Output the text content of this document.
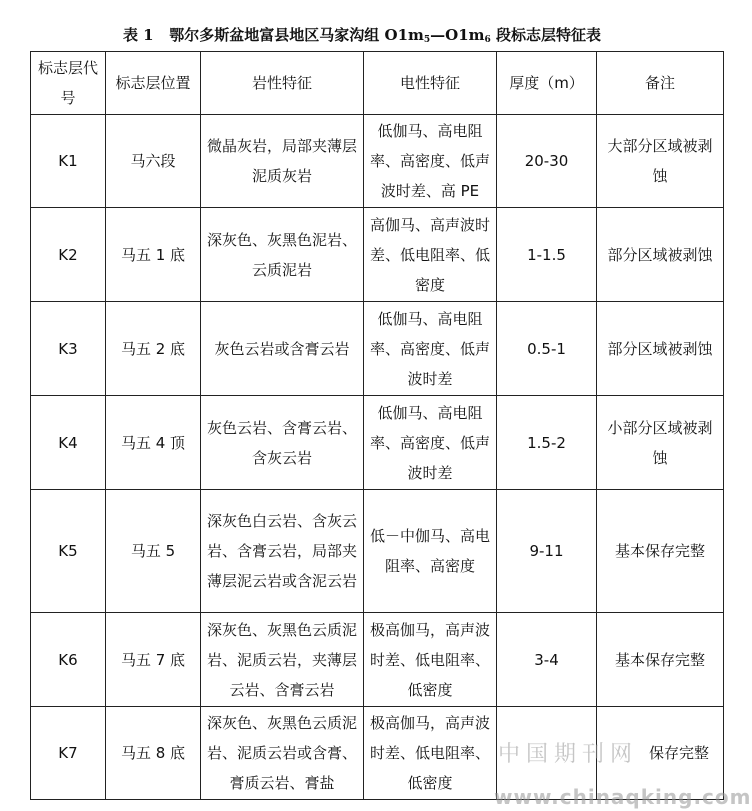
表 1 鄂尔多斯盆地富县地区马家沟组 $O1m_5—O1m_6$ 段标志层特征表
标志层代号	标志层位置	岩性特征	电性特征	厚度（m）	备注
K1	马六段	微晶灰岩，局部夹薄层泥质灰岩	低伽马、高电阻率、高密度、低声波时差、高 PE	20-30	大部分区域被剥蚀
K2	马五 1 底	深灰色、灰黑色泥岩、云质泥岩	高伽马、高声波时差、低电阻率、低密度	1-1.5	部分区域被剥蚀
K3	马五 2 底	灰色云岩或含膏云岩	低伽马、高电阻率、高密度、低声波时差	0.5-1	部分区域被剥蚀
K4	马五 4 顶	灰色云岩、含膏云岩、含灰云岩	低伽马、高电阻率、高密度、低声波时差	1.5-2	小部分区域被剥蚀
K5	马五 5	深灰色白云岩、含灰云岩、含膏云岩，局部夹薄层泥云岩或含泥云岩	低－中伽马、高电阻率、高密度	9-11	基本保存完整
K6	马五 7 底	深灰色、灰黑色云质泥岩、泥质云岩，夹薄层云岩、含膏云岩	极高伽马，高声波时差、低电阻率、低密度	3-4	基本保存完整
K7	马五 8 底	深灰色、灰黑色云质泥岩、泥质云岩或含膏、膏质云岩、膏盐	极高伽马，高声波时差、低电阻率、低密度		保存完整
中国期刊网
www.chinaqking.com
